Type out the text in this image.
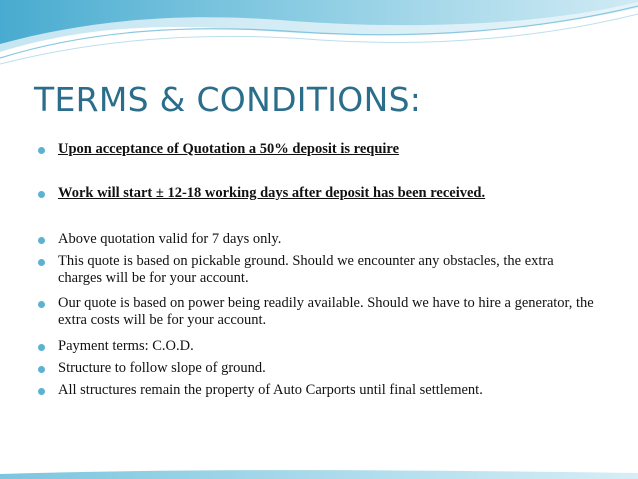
TERMS & CONDITIONS:
Upon acceptance of Quotation a 50% deposit is require
Work will start ± 12-18 working days after deposit has been received.
Above quotation valid for 7 days only.
This quote is based on pickable ground. Should we encounter any obstacles, the extra charges will be for your account.
Our quote is based on power being readily available. Should we have to hire a generator, the extra costs will be for your account.
Payment terms: C.O.D.
Structure to follow slope of ground.
All structures remain the property of Auto Carports until final settlement.
